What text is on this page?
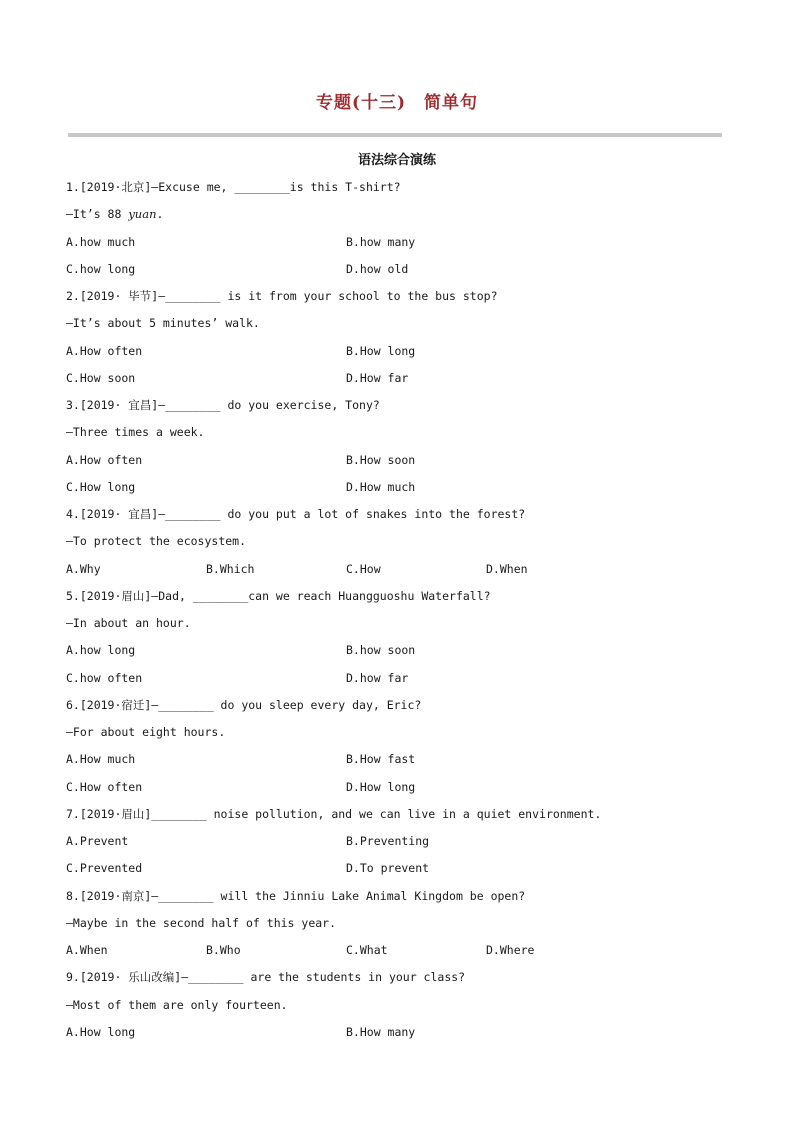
专题(十三) 简单句
语法综合演练
1.[2019·北京]—Excuse me, ________is this T-shirt?
—It’s 88 yuan.
A.how much	B.how many
C.how long	D.how old
2.[2019· 毕节]—________ is it from your school to the bus stop?
—It’s about 5 minutes’ walk.
A.How often	B.How long
C.How soon	D.How far
3.[2019· 宜昌]—________ do you exercise, Tony?
—Three times a week.
A.How often	B.How soon
C.How long	D.How much
4.[2019· 宜昌]—________ do you put a lot of snakes into the forest?
—To protect the ecosystem.
A.Why	B.Which	C.How	D.When
5.[2019·眉山]—Dad, ________can we reach Huangguoshu Waterfall?
—In about an hour.
A.how long	B.how soon
C.how often	D.how far
6.[2019·宿迁]—________ do you sleep every day, Eric?
—For about eight hours.
A.How much	B.How fast
C.How often	D.How long
7.[2019·眉山]________ noise pollution, and we can live in a quiet environment.
A.Prevent	B.Preventing
C.Prevented	D.To prevent
8.[2019·南京]—________ will the Jinniu Lake Animal Kingdom be open?
—Maybe in the second half of this year.
A.When	B.Who	C.What	D.Where
9.[2019· 乐山改编]—________ are the students in your class?
—Most of them are only fourteen.
A.How long	B.How many
